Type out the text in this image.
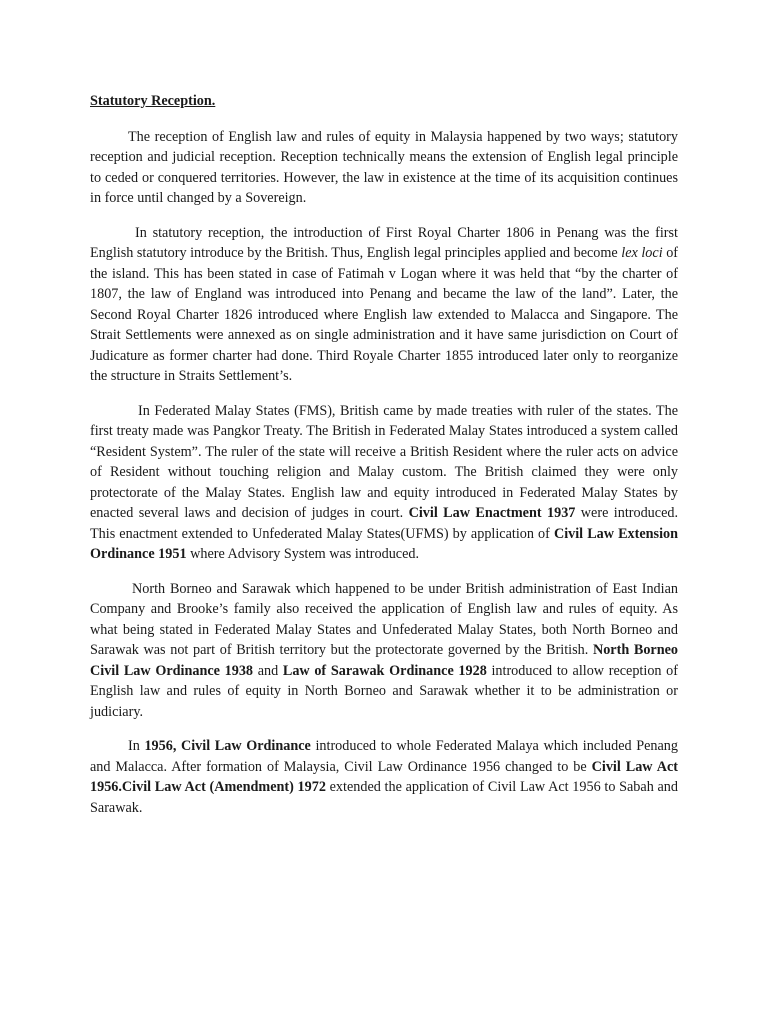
Statutory Reception.

The reception of English law and rules of equity in Malaysia happened by two ways; statutory reception and judicial reception. Reception technically means the extension of English legal principle to ceded or conquered territories. However, the law in existence at the time of its acquisition continues in force until changed by a Sovereign.

In statutory reception, the introduction of First Royal Charter 1806 in Penang was the first English statutory introduce by the British. Thus, English legal principles applied and become lex loci of the island. This has been stated in case of Fatimah v Logan where it was held that “by the charter of 1807, the law of England was introduced into Penang and became the law of the land”. Later, the Second Royal Charter 1826 introduced where English law extended to Malacca and Singapore. The Strait Settlements were annexed as on single administration and it have same jurisdiction on Court of Judicature as former charter had done. Third Royale Charter 1855 introduced later only to reorganize the structure in Straits Settlement’s.

In Federated Malay States (FMS), British came by made treaties with ruler of the states. The first treaty made was Pangkor Treaty. The British in Federated Malay States introduced a system called “Resident System”. The ruler of the state will receive a British Resident where the ruler acts on advice of Resident without touching religion and Malay custom. The British claimed they were only protectorate of the Malay States. English law and equity introduced in Federated Malay States by enacted several laws and decision of judges in court. Civil Law Enactment 1937 were introduced. This enactment extended to Unfederated Malay States(UFMS) by application of Civil Law Extension Ordinance 1951 where Advisory System was introduced.

North Borneo and Sarawak which happened to be under British administration of East Indian Company and Brooke’s family also received the application of English law and rules of equity. As what being stated in Federated Malay States and Unfederated Malay States, both North Borneo and Sarawak was not part of British territory but the protectorate governed by the British. North Borneo Civil Law Ordinance 1938 and Law of Sarawak Ordinance 1928 introduced to allow reception of English law and rules of equity in North Borneo and Sarawak whether it to be administration or judiciary.

In 1956, Civil Law Ordinance introduced to whole Federated Malaya which included Penang and Malacca. After formation of Malaysia, Civil Law Ordinance 1956 changed to be Civil Law Act 1956.Civil Law Act (Amendment) 1972 extended the application of Civil Law Act 1956 to Sabah and Sarawak.
